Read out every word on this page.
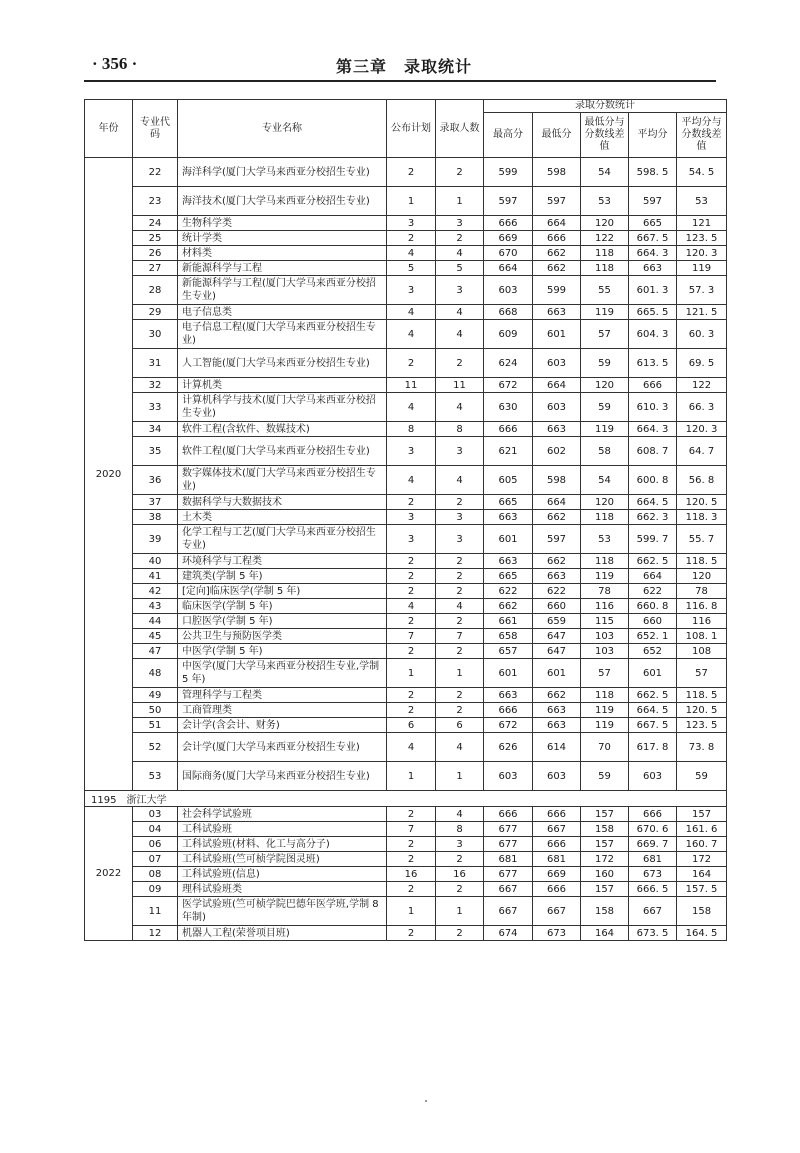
· 356 ·	第三章　录取统计
年份	专业代码	专业名称	公布计划	录取人数	录取分数统计				
					最高分	最低分	最低分与分数线差值	平均分	平均分与分数线差值
2020	22	海洋科学(厦门大学马来西亚分校招生专业)	2	2	599	598	54	598. 5	54. 5
	23	海洋技术(厦门大学马来西亚分校招生专业)	1	1	597	597	53	597	53
	24	生物科学类	3	3	666	664	120	665	121
	25	统计学类	2	2	669	666	122	667. 5	123. 5
	26	材料类	4	4	670	662	118	664. 3	120. 3
	27	新能源科学与工程	5	5	664	662	118	663	119
	28	新能源科学与工程(厦门大学马来西亚分校招生专业)	3	3	603	599	55	601. 3	57. 3
	29	电子信息类	4	4	668	663	119	665. 5	121. 5
	30	电子信息工程(厦门大学马来西亚分校招生专业)	4	4	609	601	57	604. 3	60. 3
	31	人工智能(厦门大学马来西亚分校招生专业)	2	2	624	603	59	613. 5	69. 5
	32	计算机类	11	11	672	664	120	666	122
	33	计算机科学与技术(厦门大学马来西亚分校招生专业)	4	4	630	603	59	610. 3	66. 3
	34	软件工程(含软件、数媒技术)	8	8	666	663	119	664. 3	120. 3
	35	软件工程(厦门大学马来西亚分校招生专业)	3	3	621	602	58	608. 7	64. 7
	36	数字媒体技术(厦门大学马来西亚分校招生专业)	4	4	605	598	54	600. 8	56. 8
	37	数据科学与大数据技术	2	2	665	664	120	664. 5	120. 5
	38	土木类	3	3	663	662	118	662. 3	118. 3
	39	化学工程与工艺(厦门大学马来西亚分校招生专业)	3	3	601	597	53	599. 7	55. 7
	40	环境科学与工程类	2	2	663	662	118	662. 5	118. 5
	41	建筑类(学制 5 年)	2	2	665	663	119	664	120
	42	[定向]临床医学(学制 5 年)	2	2	622	622	78	622	78
	43	临床医学(学制 5 年)	4	4	662	660	116	660. 8	116. 8
	44	口腔医学(学制 5 年)	2	2	661	659	115	660	116
	45	公共卫生与预防医学类	7	7	658	647	103	652. 1	108. 1
	47	中医学(学制 5 年)	2	2	657	647	103	652	108
	48	中医学(厦门大学马来西亚分校招生专业,学制 5 年)	1	1	601	601	57	601	57
	49	管理科学与工程类	2	2	663	662	118	662. 5	118. 5
	50	工商管理类	2	2	666	663	119	664. 5	120. 5
	51	会计学(含会计、财务)	6	6	672	663	119	667. 5	123. 5
	52	会计学(厦门大学马来西亚分校招生专业)	4	4	626	614	70	617. 8	73. 8
	53	国际商务(厦门大学马来西亚分校招生专业)	1	1	603	603	59	603	59
1195　浙江大学									
2022	03	社会科学试验班	2	4	666	666	157	666	157
	04	工科试验班	7	8	677	667	158	670. 6	161. 6
	06	工科试验班(材料、化工与高分子)	2	3	677	666	157	669. 7	160. 7
	07	工科试验班(竺可桢学院图灵班)	2	2	681	681	172	681	172
	08	工科试验班(信息)	16	16	677	669	160	673	164
	09	理科试验班类	2	2	667	666	157	666. 5	157. 5
	11	医学试验班(竺可桢学院巴德年医学班,学制 8 年制)	1	1	667	667	158	667	158
	12	机器人工程(荣誉项目班)	2	2	674	673	164	673. 5	164. 5
